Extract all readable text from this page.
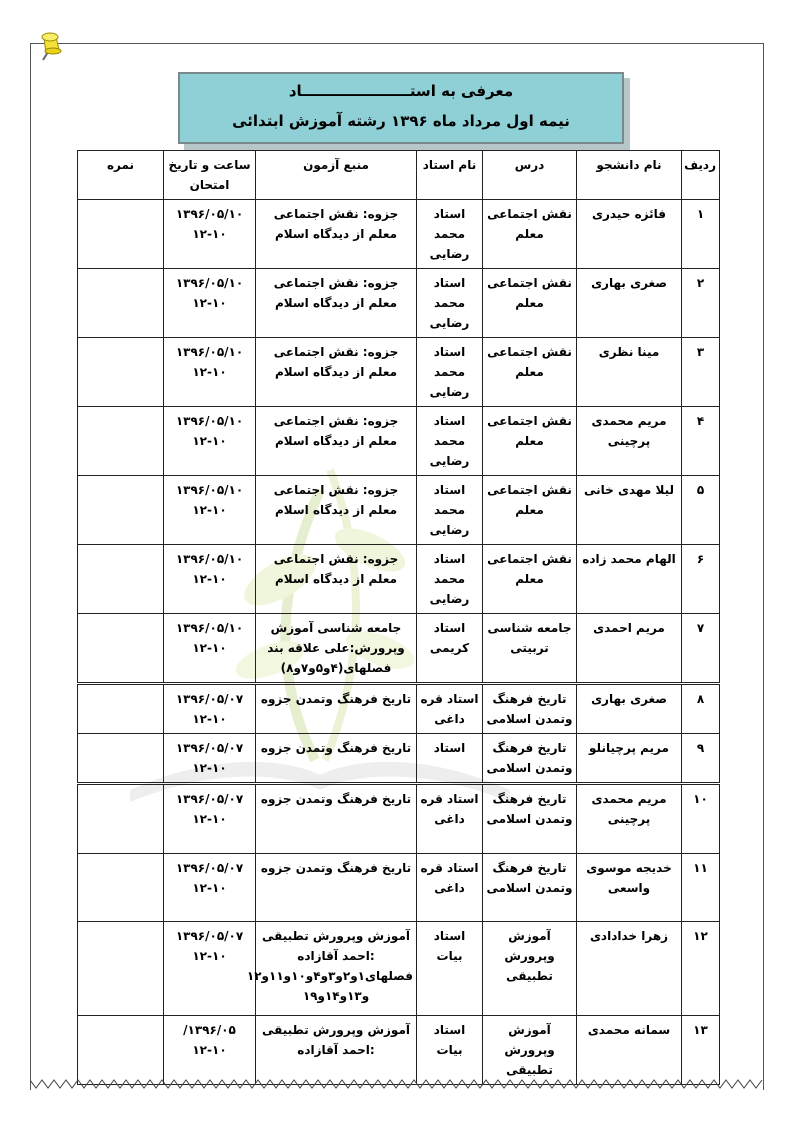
معرفی به استـــــــــــــــــــــاد
نیمه اول مرداد ماه ۱۳۹۶ رشته آموزش ابتدائی
ردیف	نام دانشجو	درس	نام استاد	منبع آزمون	ساعت و تاریخ امتحان	نمره
۱	فائزه حیدری	نقش اجتماعی معلم	استاد محمد رضایی	جزوه: نقش اجتماعی معلم از دیدگاه اسلام	۱۳۹۶/۰۵/۱۰
۱۲-۱۰	

۲	صغری بهاری	نقش اجتماعی معلم	استاد محمد رضایی	جزوه: نقش اجتماعی معلم از دیدگاه اسلام	۱۳۹۶/۰۵/۱۰
۱۲-۱۰	

۳	مینا نظری	نقش اجتماعی معلم	استاد محمد رضایی	جزوه: نقش اجتماعی معلم از دیدگاه اسلام	۱۳۹۶/۰۵/۱۰
۱۲-۱۰	

۴	مریم محمدی پرچینی	نقش اجتماعی معلم	استاد محمد رضایی	جزوه: نقش اجتماعی معلم از دیدگاه اسلام	۱۳۹۶/۰۵/۱۰
۱۲-۱۰	

۵	لیلا مهدی خانی	نقش اجتماعی معلم	استاد محمد رضایی	جزوه: نقش اجتماعی معلم از دیدگاه اسلام	۱۳۹۶/۰۵/۱۰
۱۲-۱۰	

۶	الهام محمد زاده	نقش اجتماعی معلم	استاد محمد رضایی	جزوه: نقش اجتماعی معلم از دیدگاه اسلام	۱۳۹۶/۰۵/۱۰
۱۲-۱۰	

۷	مریم احمدی	جامعه شناسی تربیتی	استاد کریمی	جامعه شناسی آموزش وپرورش:علی علاقه بند فصلهای(۴و۵و۷و۸)	۱۳۹۶/۰۵/۱۰
۱۲-۱۰	

۸	صغری بهاری	تاریخ فرهنگ وتمدن اسلامی	استاد قره داغی	تاریخ فرهنگ وتمدن جزوه	۱۳۹۶/۰۵/۰۷
۱۲-۱۰	

۹	مریم پرچیانلو	تاریخ فرهنگ وتمدن اسلامی	استاد	تاریخ فرهنگ وتمدن جزوه	۱۳۹۶/۰۵/۰۷
۱۲-۱۰	

۱۰	مریم محمدی پرچینی	تاریخ فرهنگ وتمدن اسلامی	استاد قره داغی	تاریخ فرهنگ وتمدن جزوه	۱۳۹۶/۰۵/۰۷
۱۲-۱۰	

۱۱	خدیجه موسوی واسعی	تاریخ فرهنگ وتمدن اسلامی	استاد قره داغی	تاریخ فرهنگ وتمدن جزوه	۱۳۹۶/۰۵/۰۷
۱۲-۱۰	

۱۲	زهرا خدادادی	آموزش وپرورش تطبیقی	استاد بیات	آموزش وپرورش تطبیقی :احمد آقازاده فصلهای۱و۲و۳و۴و۱۰و۱۱و۱۲ و۱۳و۱۴و۱۹	۱۳۹۶/۰۵/۰۷
۱۲-۱۰	

۱۳	سمانه محمدی	آموزش وپرورش تطبیقی	استاد بیات	آموزش وپرورش تطبیقی :احمد آقازاده	۱۳۹۶/۰۵/
۱۲-۱۰	
